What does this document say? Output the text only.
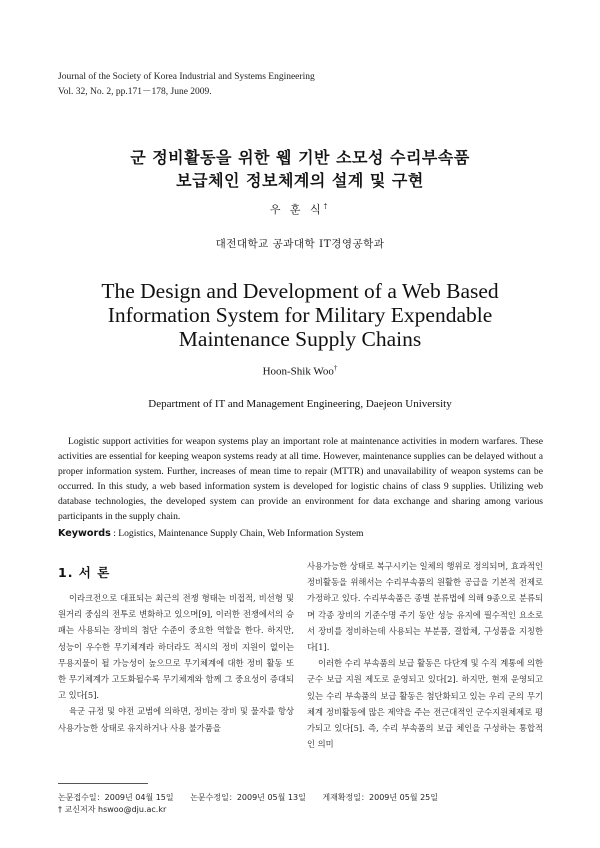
Journal of the Society of Korea Industrial and Systems Engineering
Vol. 32, No. 2, pp.171－178, June 2009.
군 정비활동을 위한 웹 기반 소모성 수리부속품
보급체인 정보체계의 설계 및 구현
우 훈 식†
대전대학교 공과대학 IT경영공학과
The Design and Development of a Web Based
Information System for Military Expendable
Maintenance Supply Chains
Hoon-Shik Woo†
Department of IT and Management Engineering, Daejeon University

Logistic support activities for weapon systems play an important role at maintenance activities in modern warfares. These activities are essential for keeping weapon systems ready at all time. However, maintenance supplies can be delayed without a proper information system. Further, increases of mean time to repair (MTTR) and unavailability of weapon systems can be occurred. In this study, a web based information system is developed for logistic chains of class 9 supplies. Utilizing web database technologies, the developed system can provide an environment for data exchange and sharing among various participants in the supply chain.

Keywords : Logistics, Maintenance Supply Chain, Web Information System
1. 서 론

이라크전으로 대표되는 최근의 전쟁 형태는 비접적, 비선형 및 원거리 중심의 전투로 변화하고 있으며[9], 이러한 전쟁에서의 승패는 사용되는 장비의 첨단 수준이 중요한 역할을 한다. 하지만, 성능이 우수한 무기체계라 하더라도 적시의 정비 지원이 없이는 무용지물이 될 가능성이 높으므로 무기체계에 대한 정비 활동 또한 무기체계가 고도화될수록 무기체계와 함께 그 중요성이 증대되고 있다[5].

육군 규정 및 야전 교범에 의하면, 정비는 장비 및 물자를 항상 사용가능한 상태로 유지하거나 사용 불가품을

사용가능한 상태로 복구시키는 일체의 행위로 정의되며, 효과적인 정비활동을 위해서는 수리부속품의 원활한 공급을 기본적 전제로 가정하고 있다. 수리부속품은 종별 분류법에 의해 9종으로 분류되며 각종 장비의 기준수명 주기 동안 성능 유지에 필수적인 요소로서 장비를 정비하는데 사용되는 부분품, 결합체, 구성품을 지칭한다[1].

이러한 수리 부속품의 보급 활동은 다단계 및 수직 계통에 의한 군수 보급 지원 제도로 운영되고 있다[2]. 하지만, 현재 운영되고 있는 수리 부속품의 보급 활동은 첨단화되고 있는 우리 군의 무기체계 정비활동에 많은 제약을 주는 전근대적인 군수지원체제로 평가되고 있다[5]. 즉, 수리 부속품의 보급 체인을 구성하는 통합적인 의미

논문접수일：2009년 04월 15일 논문수정일：2009년 05월 13일 게재확정일：2009년 05월 25일
† 교신저자 hswoo@dju.ac.kr
